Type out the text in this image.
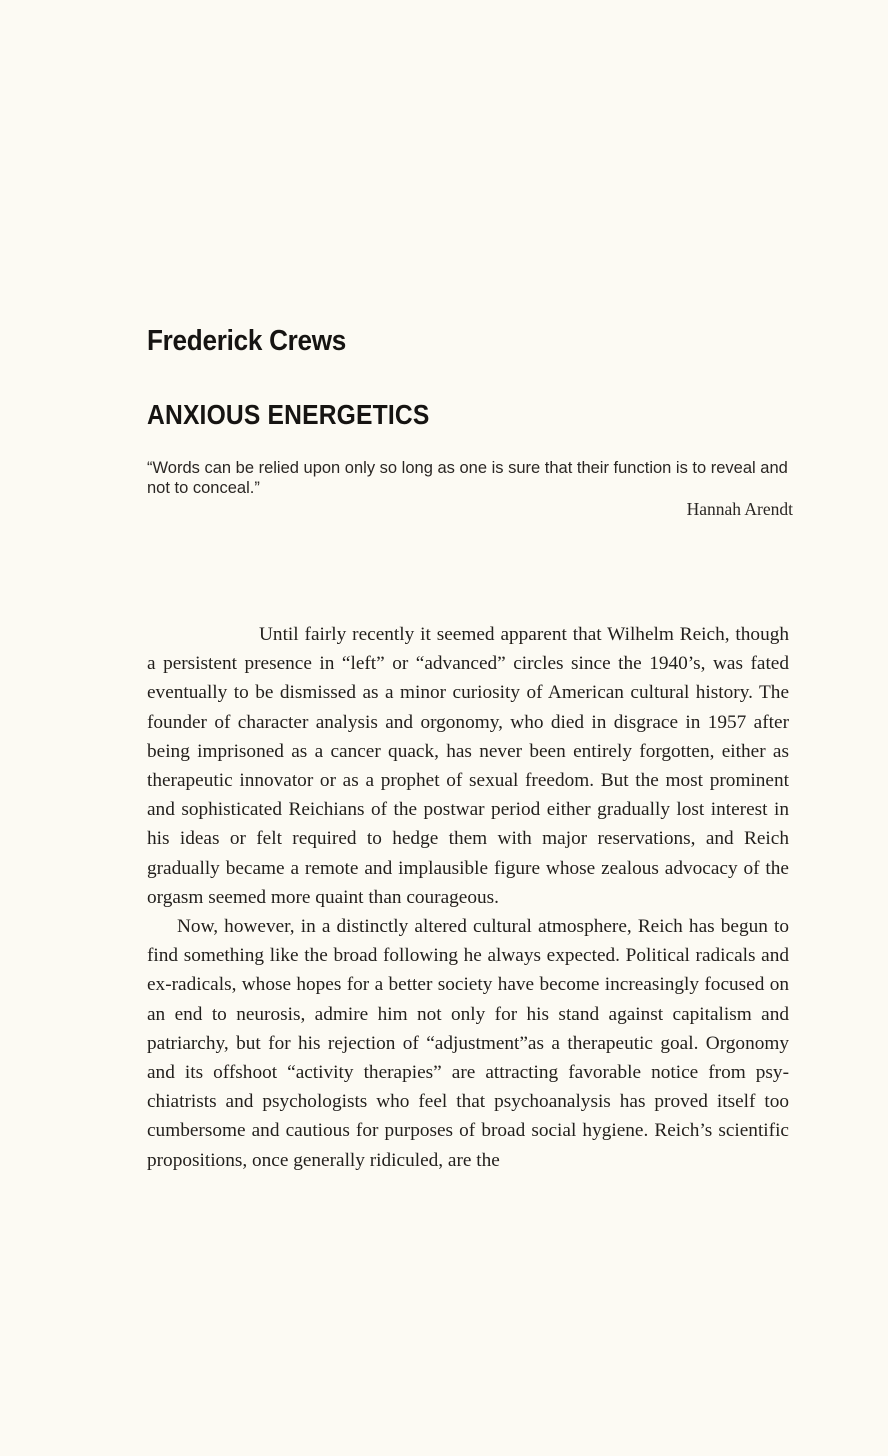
Frederick Crews
ANXIOUS ENERGETICS
“Words can be relied upon only so long as one is sure that their function is to reveal and not to conceal.”
Hannah Arendt

Until fairly recently it seemed apparent that Wilhelm Reich, though a persistent presence in “left” or “advanced” circles since the 1940’s, was fated eventually to be dismissed as a minor curiosity of American cultural history. The founder of character analysis and orgonomy, who died in disgrace in 1957 after being imprisoned as a cancer quack, has never been entirely forgotten, either as therapeutic innovator or as a prophet of sexual freedom. But the most prominent and sophisticated Reichians of the postwar period either gradually lost interest in his ideas or felt required to hedge them with major reservations, and Reich gradually became a remote and implausible figure whose zealous advocacy of the orgasm seemed more quaint than courageous.

Now, however, in a distinctly altered cultural atmosphere, Reich has begun to find something like the broad following he always expected. Political radicals and ex-radicals, whose hopes for a better society have become increasingly focused on an end to neurosis, admire him not only for his stand against capitalism and patriarchy, but for his rejection of “adjustment”as a therapeutic goal. Orgonomy and its offshoot “activity therapies” are attracting favorable notice from psychiatrists and psychologists who feel that psychoanalysis has proved itself too cumbersome and cautious for purposes of broad social hygiene. Reich’s scientific propositions, once generally ridiculed, are the
